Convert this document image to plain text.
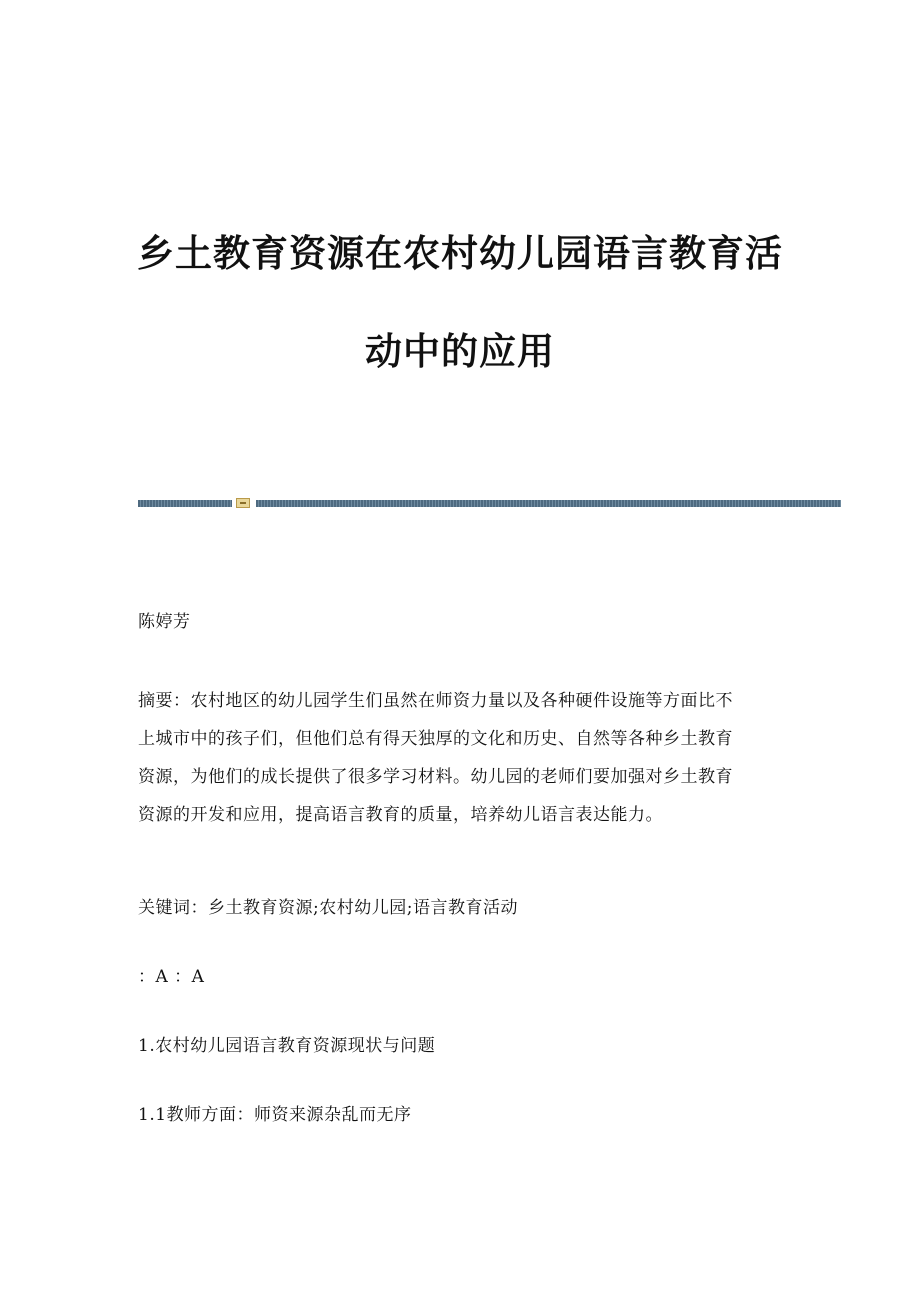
乡土教育资源在农村幼儿园语言教育活
动中的应用
陈婷芳
摘要：农村地区的幼儿园学生们虽然在师资力量以及各种硬件设施等方面比不
上城市中的孩子们，但他们总有得天独厚的文化和历史、自然等各种乡土教育
资源，为他们的成长提供了很多学习材料。幼儿园的老师们要加强对乡土教育
资源的开发和应用，提高语言教育的质量，培养幼儿语言表达能力。
关键词：乡土教育资源;农村幼儿园;语言教育活动
：A ：A
1.农村幼儿园语言教育资源现状与问题
1.1教师方面：师资来源杂乱而无序
